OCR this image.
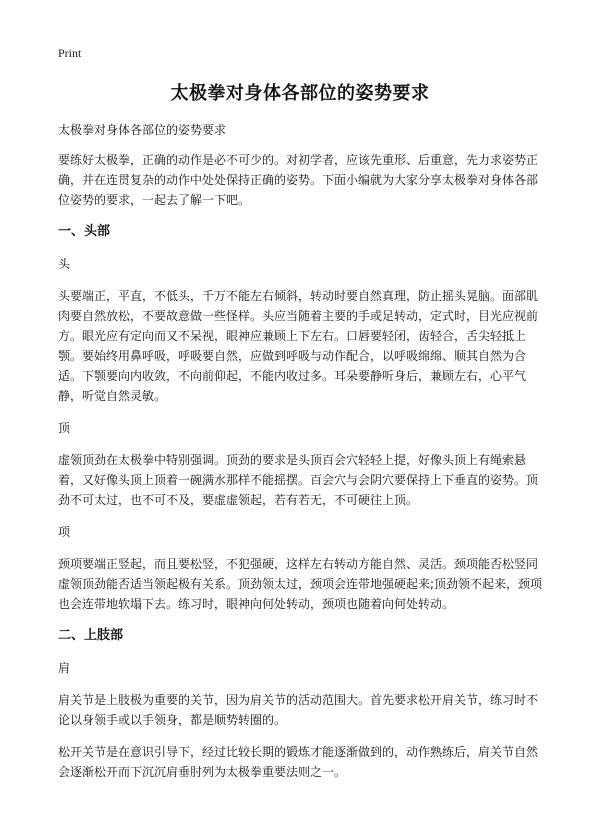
Print
太极拳对身体各部位的姿势要求

太极拳对身体各部位的姿势要求

要练好太极拳，正确的动作是必不可少的。对初学者，应该先重形、后重意，先力求姿势正确，并在连贯复杂的动作中处处保持正确的姿势。下面小编就为大家分享太极拳对身体各部位姿势的要求，一起去了解一下吧。

一、头部

头

头要端正，平直，不低头，千万不能左右倾斜，转动时要自然真理，防止摇头晃脑。面部肌肉要自然放松，不要故意做一些怪样。头应当随着主要的手或足转动，定式时，目光应视前方。眼光应有定向而又不呆视，眼神应兼顾上下左右。口唇要轻闭，齿轻合，舌尖轻抵上颚。要始终用鼻呼吸，呼吸要自然，应做到呼吸与动作配合，以呼吸绵绵、顺其自然为合适。下颚要向内收敛，不向前仰起，不能内收过多。耳朵要静听身后，兼顾左右，心平气静，听觉自然灵敏。

顶

虚领顶劲在太极拳中特别强调。顶劲的要求是头顶百会穴轻轻上提，好像头顶上有绳索悬着，又好像头顶上顶着一碗满水那样不能摇摆。百会穴与会阴穴要保持上下垂直的姿势。顶劲不可太过，也不可不及，要虚虚领起，若有若无，不可硬往上顶。

项

颈项要端正竖起，而且要松竖，不犯强硬，这样左右转动方能自然、灵活。颈项能否松竖同虚领顶劲能否适当领起极有关系。顶劲领太过，颈项会连带地强硬起来;顶劲领不起来，颈项也会连带地软塌下去。练习时，眼神向何处转动，颈项也随着向何处转动。

二、上肢部

肩

肩关节是上肢极为重要的关节，因为肩关节的活动范围大。首先要求松开肩关节，练习时不论以身领手或以手领身，都是顺势转圈的。

松开关节是在意识引导下，经过比较长期的锻炼才能逐渐做到的，动作熟练后，肩关节自然会逐渐松开而下沉沉肩垂肘列为太极拳重要法则之一。
